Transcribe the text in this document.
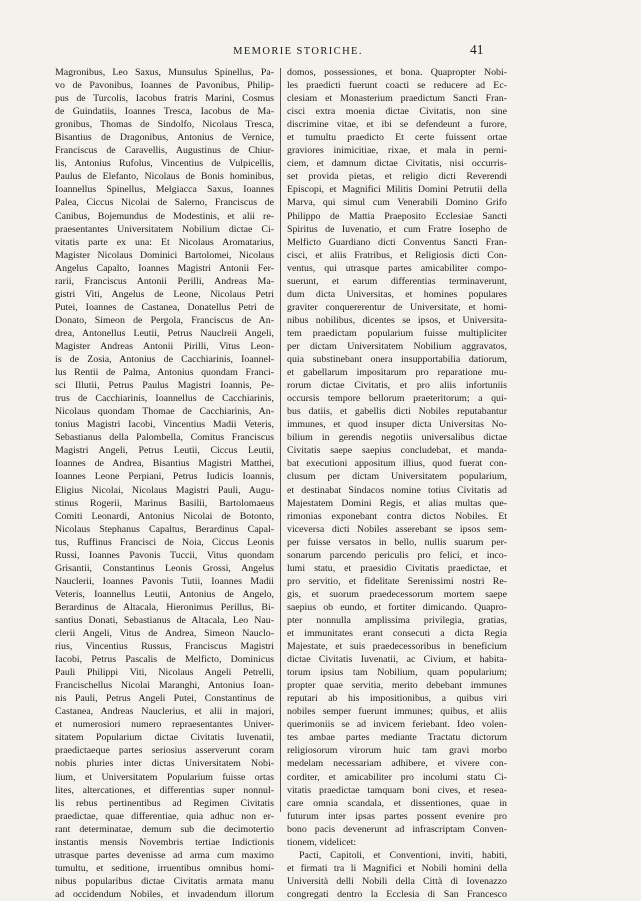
MEMORIE STORICHE.	41
Magronibus, Leo Saxus, Munsulus Spinellus, Pa-
vo de Pavonibus, Ioannes de Pavonibus, Philip-
pus de Turcolis, Iacobus fratris Marini, Cosmus
de Guindatiis, Ioannes Tresca, Iacobus de Ma-
gronibus, Thomas de Sindolfo, Nicolaus Tresca,
Bisantius de Dragonibus, Antonius de Vernice,
Franciscus de Caravellis, Augustinus de Chiur-
lis, Antonius Rufolus, Vincentius de Vulpicellis,
Paulus de Elefanto, Nicolaus de Bonis hominibus,
Ioannellus Spinellus, Melgiacca Saxus, Ioannes
Palea, Ciccus Nicolai de Salerno, Franciscus de
Canibus, Bojemundus de Modestinis, et alii re-
praesentantes Universitatem Nobilium dictae Ci-
vitatis parte ex una: Et Nicolaus Aromatarius,
Magister Nicolaus Dominici Bartolomei, Nicolaus
Angelus Capalto, Ioannes Magistri Antonii Fer-
rarii, Franciscus Antonii Perilli, Andreas Ma-
gistri Viti, Angelus de Leone, Nicolaus Petri
Putei, Ioannes de Castanea, Donatellus Petri de
Donato, Simeon de Pergola, Franciscus de An-
drea, Antonellus Leutii, Petrus Nauclreii Angeli,
Magister Andreas Antonii Pirilli, Vitus Leon-
is de Zosia, Antonius de Cacchiarinis, Ioannel-
lus Rentii de Palma, Antonius quondam Franci-
sci Illutii, Petrus Paulus Magistri Ioannis, Pe-
trus de Cacchiarinis, Ioannellus de Cacchiarinis,
Nicolaus quondam Thomae de Cacchiarinis, An-
tonius Magistri Iacobi, Vincentius Madii Veteris,
Sebastianus della Palombella, Comitus Franciscus
Magistri Angeli, Petrus Leutii, Ciccus Leutii,
Ioannes de Andrea, Bisantius Magistri Matthei,
Ioannes Leone Perpiani, Petrus Iudicis Ioannis,
Eligius Nicolai, Nicolaus Magistri Pauli, Augu-
stinus Rogerii, Marinus Basilii, Bartolomaeus
Comiti Leonardi, Antonius Nicolai de Botonto,
Nicolaus Stephanus Capaltus, Berardinus Capal-
tus, Ruffinus Francisci de Noia, Ciccus Leonis
Russi, Ioannes Pavonis Tuccii, Vitus quondam
Grisantii, Constantinus Leonis Grossi, Angelus
Nauclerii, Ioannes Pavonis Tutii, Ioannes Madii
Veteris, Ioannellus Leutii, Antonius de Angelo,
Berardinus de Altacala, Hieronimus Perillus, Bi-
santius Donati, Sebastianus de Altacala, Leo Nau-
clerii Angeli, Vitus de Andrea, Simeon Nauclo-
rius, Vincentius Russus, Franciscus Magistri
Iacobi, Petrus Pascalis de Melficto, Dominicus
Pauli Philippi Viti, Nicolaus Angeli Petrelli,
Francischellus Nicolai Maranghi, Antonius Ioan-
nis Pauli, Petrus Angeli Putei, Constantinus de
Castanea, Andreas Nauclerius, et alii in majori,
et numerosiori numero repraesentantes Univer-
sitatem Popularium dictae Civitatis Iuvenatii,
praedictaeque partes seriosius asserverunt coram
nobis pluries inter dictas Universitatem Nobi-
lium, et Universitatem Popularium fuisse ortas
lites, altercationes, et differentias super nonnul-
lis rebus pertinentibus ad Regimen Civitatis
praedictae, quae differentiae, quia adhuc non er-
rant determinatae, demum sub die decimotertio
instantis mensis Novembris tertiae Indictionis
utrasque partes devenisse ad arma cum maximo
tumultu, et seditione, irruentibus omnibus homi-
nibus popularibus dictae Civitatis armata manu
ad occidendum Nobiles, et invadendum illorum
domos, possessiones, et bona. Quapropter Nobi-
les praedicti fuerunt coacti se reducere ad Ec-
clesiam et Monasterium praedictum Sancti Fran-
cisci extra moenia dictae Civitatis, non sine
discrimine vitae, et ibi se defendeunt a furore,
et tumultu praedicto Et certe fuissent ortae
graviores inimicitiae, rixae, et mala in perni-
ciem, et damnum dictae Civitatis, nisi occurris-
set provida pietas, et religio dicti Reverendi
Episcopi, et Magnifici Militis Domini Petrutii della
Marva, qui simul cum Venerabili Domino Grifo
Philippo de Mattia Praeposito Ecclesiae Sancti
Spiritus de Iuvenatio, et cum Fratre Iosepho de
Melficto Guardiano dicti Conventus Sancti Fran-
cisci, et aliis Fratribus, et Religiosis dicti Con-
ventus, qui utrasque partes amicabiliter compo-
suerunt, et earum differentias terminaverunt,
dum dicta Universitas, et homines populares
graviter conquererentur de Universitate, et homi-
nibus nobilibus, dicentes se ipsos, et Universita-
tem praedictam popularium fuisse multipliciter
per dictam Universitatem Nobilium aggravatos,
quia substinebant onera insupportabilia datiorum,
et gabellarum impositarum pro reparatione mu-
rorum dictae Civitatis, et pro aliis infortuniis
occursis tempore bellorum praeteritorum; a qui-
bus datiis, et gabellis dicti Nobiles reputabantur
immunes, et quod insuper dicta Universitas No-
bilium in gerendis negotiis universalibus dictae
Civitatis saepe saepius concludebat, et manda-
bat executioni appositum illius, quod fuerat con-
clusum per dictam Universitatem popularium,
et destinabat Sindacos nomine totius Civitatis ad
Majestatem Domini Regis, et alias multas que-
rimonias exponebant contra dictos Nobiles. Et
viceversa dicti Nobiles asserebant se ipsos sem-
per fuisse versatos in bello, nullis suarum per-
sonarum parcendo periculis pro felici, et inco-
lumi statu, et praesidio Civitatis praedictae, et
pro servitio, et fidelitate Serenissimi nostri Re-
gis, et suorum praedecessorum mortem saepe
saepius ob eundo, et fortiter dimicando. Quapro-
pter nonnulla amplissima privilegia, gratias,
et immunitates erant consecuti a dicta Regia
Majestate, et suis praedecessoribus in beneficium
dictae Civitatis Iuvenatii, ac Civium, et habita-
torum ipsius tam Nobilium, quam popularium;
propter quae servitia, merito debebant immunes
reputari ab his impositionibus, a quibus viri
nobiles semper fuerunt immunes; quibus, et aliis
querimoniis se ad invicem feriebant. Ideo volen-
tes ambae partes mediante Tractatu dictorum
religiosorum virorum huic tam gravi morbo
medelam necessariam adhibere, et vivere con-
corditer, et amicabiliter pro incolumi statu Ci-
vitatis praedictae tamquam boni cives, et resea-
care omnia scandala, et dissentiones, quae in
futurum inter ipsas partes possent evenire pro
bono pacis devenerunt ad infrascriptam Conven-
tionem, videlicet:
Pacti, Capitoli, et Conventioni, inviti, habiti,
et firmati tra li Magnifici et Nobili homini della
Università delli Nobili della Città di Iovenazzo
congregati dentro la Ecclesia di San Francesco
